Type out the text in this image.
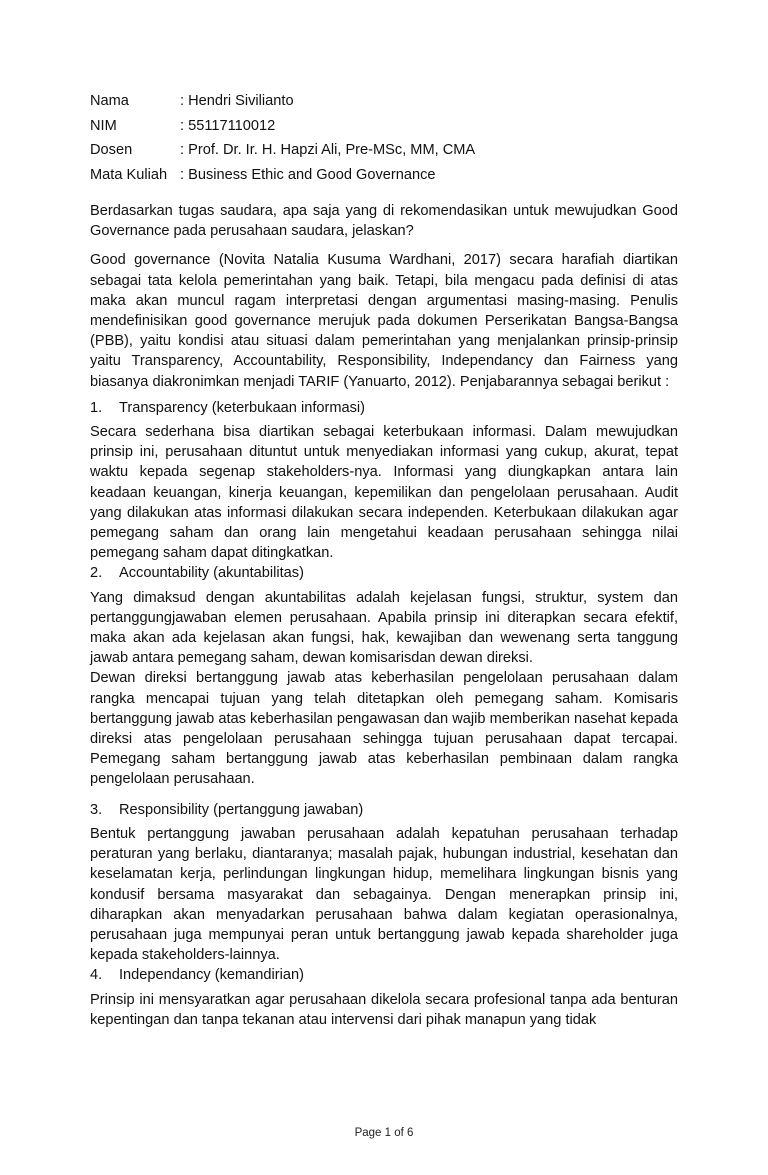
Nama	: Hendri Sivilianto
NIM	: 55117110012
Dosen	: Prof. Dr. Ir. H. Hapzi Ali, Pre-MSc, MM, CMA
Mata Kuliah : Business Ethic and Good Governance

Berdasarkan tugas saudara, apa saja yang di rekomendasikan untuk mewujudkan Good Governance pada perusahaan saudara, jelaskan?

Good governance (Novita Natalia Kusuma Wardhani, 2017) secara harafiah diartikan sebagai tata kelola pemerintahan yang baik. Tetapi, bila mengacu pada definisi di atas maka akan muncul ragam interpretasi dengan argumentasi masing-masing. Penulis mendefinisikan good governance merujuk pada dokumen Perserikatan Bangsa-Bangsa (PBB), yaitu kondisi atau situasi dalam pemerintahan yang menjalankan prinsip-prinsip yaitu Transparency, Accountability, Responsibility, Independancy dan Fairness yang biasanya diakronimkan menjadi TARIF (Yanuarto, 2012). Penjabarannya sebagai berikut :

1.	Transparency (keterbukaan informasi)

Secara sederhana bisa diartikan sebagai keterbukaan informasi. Dalam mewujudkan prinsip ini, perusahaan dituntut untuk menyediakan informasi yang cukup, akurat, tepat waktu kepada segenap stakeholders-nya. Informasi yang diungkapkan antara lain keadaan keuangan, kinerja keuangan, kepemilikan dan pengelolaan perusahaan. Audit yang dilakukan atas informasi dilakukan secara independen. Keterbukaan dilakukan agar pemegang saham dan orang lain mengetahui keadaan perusahaan sehingga nilai pemegang saham dapat ditingkatkan.

2.	Accountability (akuntabilitas)

Yang dimaksud dengan akuntabilitas adalah kejelasan fungsi, struktur, system dan pertanggungjawaban elemen perusahaan. Apabila prinsip ini diterapkan secara efektif, maka akan ada kejelasan akan fungsi, hak, kewajiban dan wewenang serta tanggung jawab antara pemegang saham, dewan komisarisdan dewan direksi.

Dewan direksi bertanggung jawab atas keberhasilan pengelolaan perusahaan dalam rangka mencapai tujuan yang telah ditetapkan oleh pemegang saham. Komisaris bertanggung jawab atas keberhasilan pengawasan dan wajib memberikan nasehat kepada direksi atas pengelolaan perusahaan sehingga tujuan perusahaan dapat tercapai. Pemegang saham bertanggung jawab atas keberhasilan pembinaan dalam rangka pengelolaan perusahaan.

3.	Responsibility (pertanggung jawaban)

Bentuk pertanggung jawaban perusahaan adalah kepatuhan perusahaan terhadap peraturan yang berlaku, diantaranya; masalah pajak, hubungan industrial, kesehatan dan keselamatan kerja, perlindungan lingkungan hidup, memelihara lingkungan bisnis yang kondusif bersama masyarakat dan sebagainya. Dengan menerapkan prinsip ini, diharapkan akan menyadarkan perusahaan bahwa dalam kegiatan operasionalnya, perusahaan juga mempunyai peran untuk bertanggung jawab kepada shareholder juga kepada stakeholders-lainnya.

4.	Independancy (kemandirian)

Prinsip ini mensyaratkan agar perusahaan dikelola secara profesional tanpa ada benturan kepentingan dan tanpa tekanan atau intervensi dari pihak manapun yang tidak

Page 1 of 6
